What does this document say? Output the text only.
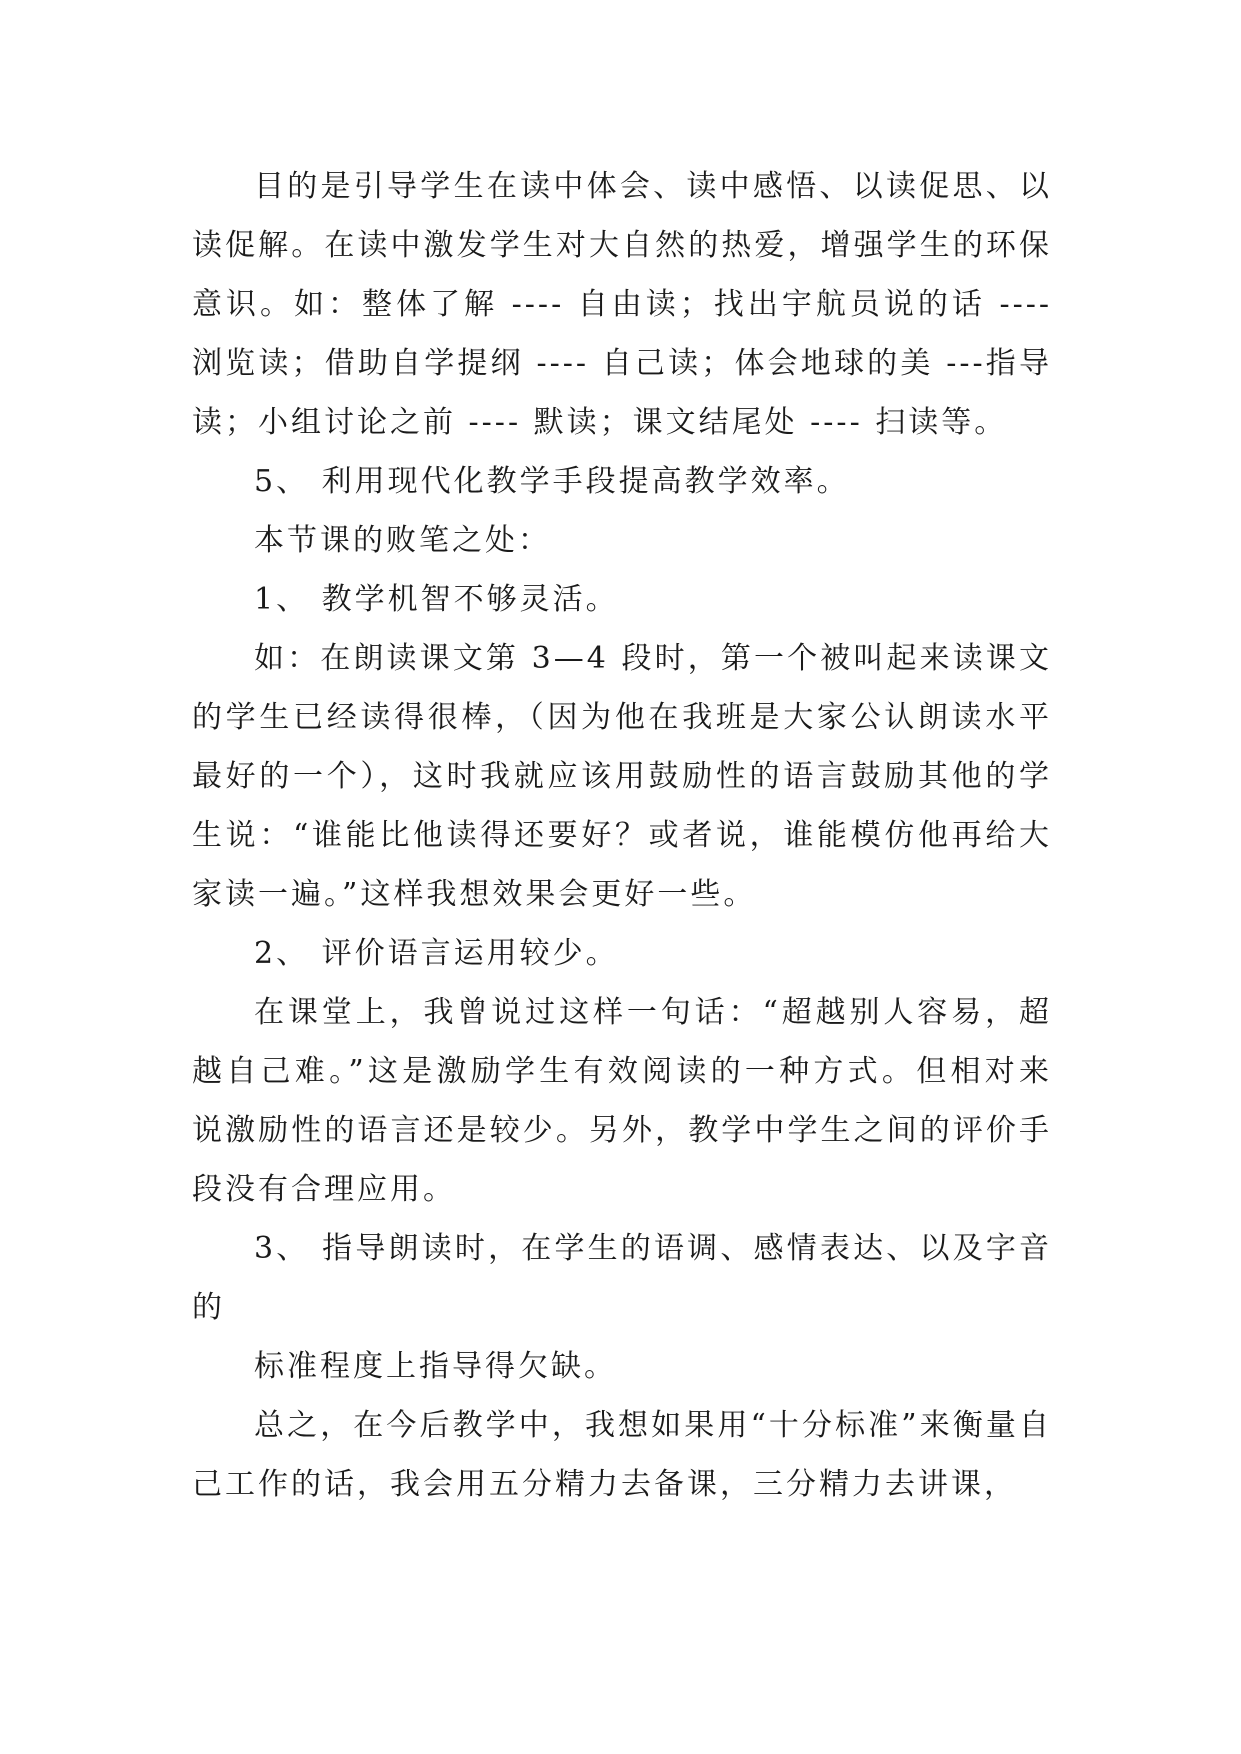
目的是引导学生在读中体会、读中感悟、以读促思、以读促解。在读中激发学生对大自然的热爱，增强学生的环保意识。如：整体了解 ---- 自由读；找出宇航员说的话 ----浏览读；借助自学提纲 ---- 自己读；体会地球的美 ---指导读；小组讨论之前 ---- 默读；课文结尾处 ---- 扫读等。

5、 利用现代化教学手段提高教学效率。

本节课的败笔之处：

1、 教学机智不够灵活。

如：在朗读课文第 3—4 段时，第一个被叫起来读课文的学生已经读得很棒，（因为他在我班是大家公认朗读水平最好的一个），这时我就应该用鼓励性的语言鼓励其他的学生说：“谁能比他读得还要好？或者说，谁能模仿他再给大家读一遍。”这样我想效果会更好一些。

2、 评价语言运用较少。

在课堂上，我曾说过这样一句话：“超越别人容易，超越自己难。”这是激励学生有效阅读的一种方式。但相对来说激励性的语言还是较少。另外，教学中学生之间的评价手段没有合理应用。

3、 指导朗读时，在学生的语调、感情表达、以及字音的

标准程度上指导得欠缺。

总之，在今后教学中，我想如果用“十分标准”来衡量自己工作的话，我会用五分精力去备课，三分精力去讲课，
